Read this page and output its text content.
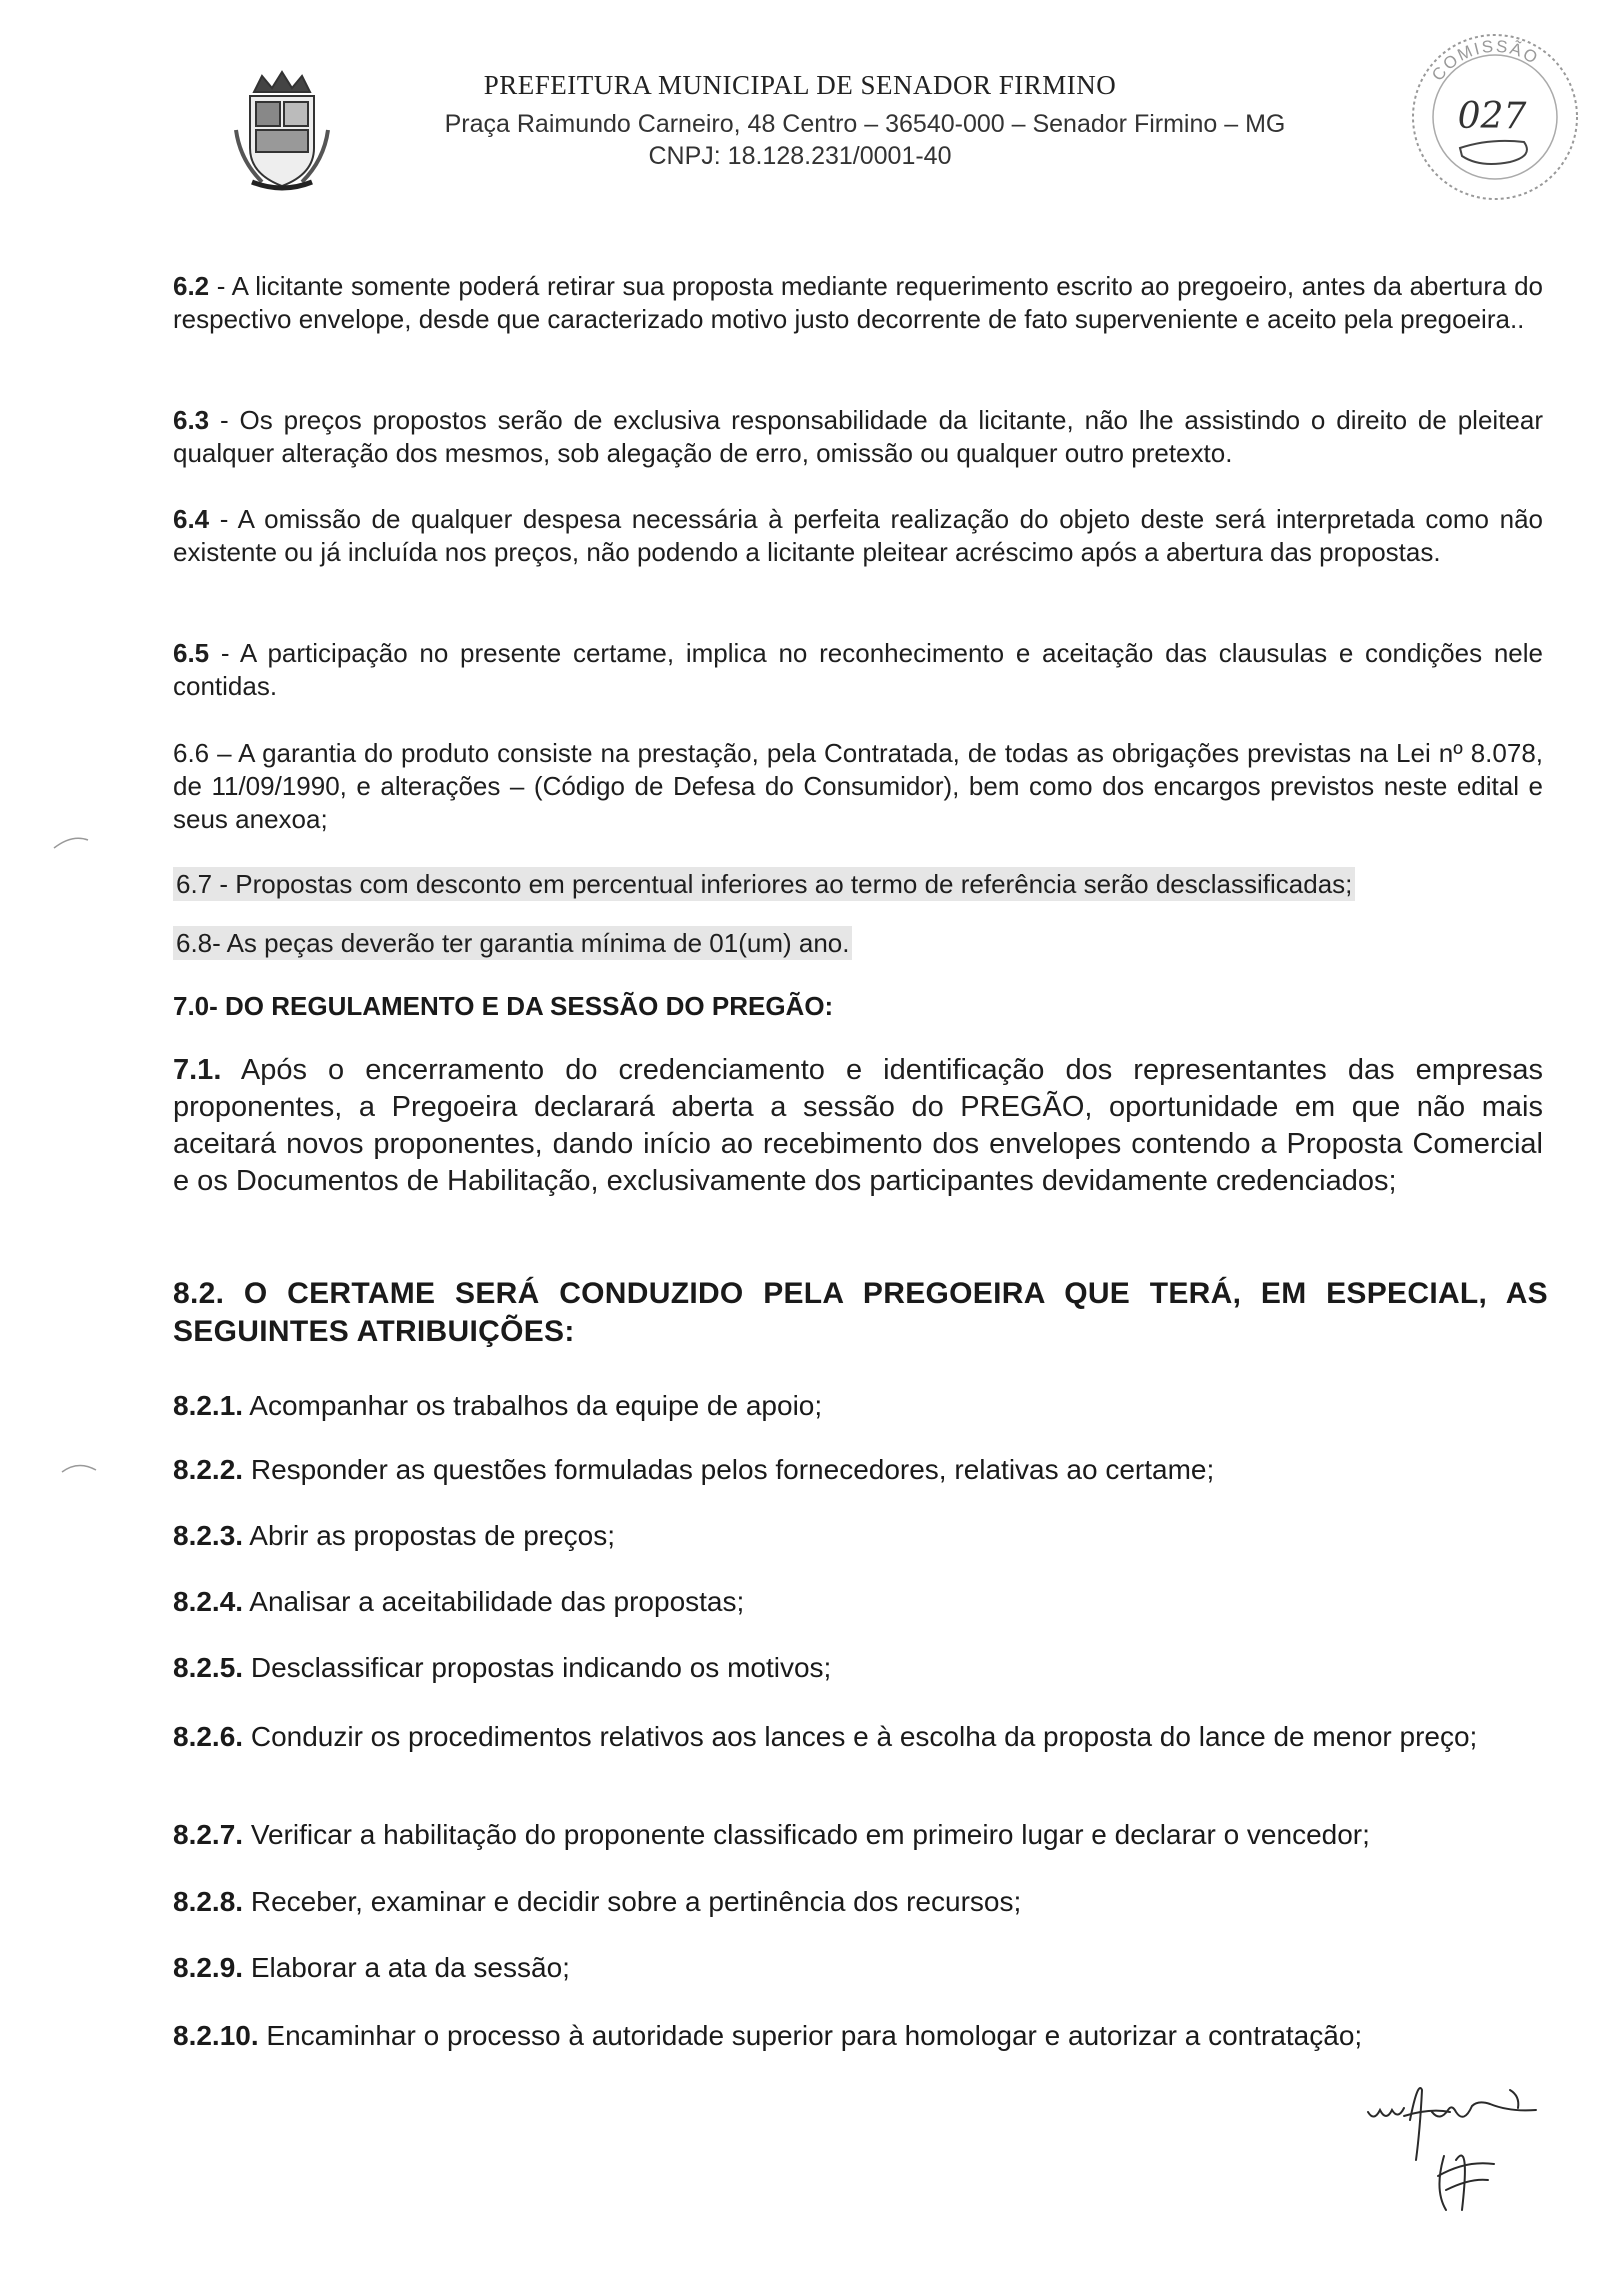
PREFEITURA MUNICIPAL DE SENADOR FIRMINO
Praça Raimundo Carneiro, 48 Centro – 36540-000 – Senador Firmino – MG
CNPJ: 18.128.231/0001-40
COMISSÃO
027
6.2 - A licitante somente poderá retirar sua proposta mediante requerimento escrito ao pregoeiro, antes da abertura do respectivo envelope, desde que caracterizado motivo justo decorrente de fato superveniente e aceito pela pregoeira..
6.3 - Os preços propostos serão de exclusiva responsabilidade da licitante, não lhe assistindo o direito de pleitear qualquer alteração dos mesmos, sob alegação de erro, omissão ou qualquer outro pretexto.
6.4 - A omissão de qualquer despesa necessária à perfeita realização do objeto deste será interpretada como não existente ou já incluída nos preços, não podendo a licitante pleitear acréscimo após a abertura das propostas.
6.5 - A participação no presente certame, implica no reconhecimento e aceitação das clausulas e condições nele contidas.
6.6 – A garantia do produto consiste na prestação, pela Contratada, de todas as obrigações previstas na Lei nº 8.078, de 11/09/1990, e alterações – (Código de Defesa do Consumidor), bem como dos encargos previstos neste edital e seus anexoa;
6.7 - Propostas com desconto em percentual inferiores ao termo de referência serão desclassificadas;
6.8- As peças deverão ter garantia mínima de 01(um) ano.
7.0- DO REGULAMENTO E DA SESSÃO DO PREGÃO:
7.1. Após o encerramento do credenciamento e identificação dos representantes das empresas proponentes, a Pregoeira declarará aberta a sessão do PREGÃO, oportunidade em que não mais aceitará novos proponentes, dando início ao recebimento dos envelopes contendo a Proposta Comercial e os Documentos de Habilitação, exclusivamente dos participantes devidamente credenciados;
8.2. O CERTAME SERÁ CONDUZIDO PELA PREGOEIRA QUE TERÁ, EM ESPECIAL, AS SEGUINTES ATRIBUIÇÕES:
8.2.1. Acompanhar os trabalhos da equipe de apoio;
8.2.2. Responder as questões formuladas pelos fornecedores, relativas ao certame;
8.2.3. Abrir as propostas de preços;
8.2.4. Analisar a aceitabilidade das propostas;
8.2.5. Desclassificar propostas indicando os motivos;
8.2.6. Conduzir os procedimentos relativos aos lances e à escolha da proposta do lance de menor preço;
8.2.7. Verificar a habilitação do proponente classificado em primeiro lugar e declarar o vencedor;
8.2.8. Receber, examinar e decidir sobre a pertinência dos recursos;
8.2.9. Elaborar a ata da sessão;
8.2.10. Encaminhar o processo à autoridade superior para homologar e autorizar a contratação;
